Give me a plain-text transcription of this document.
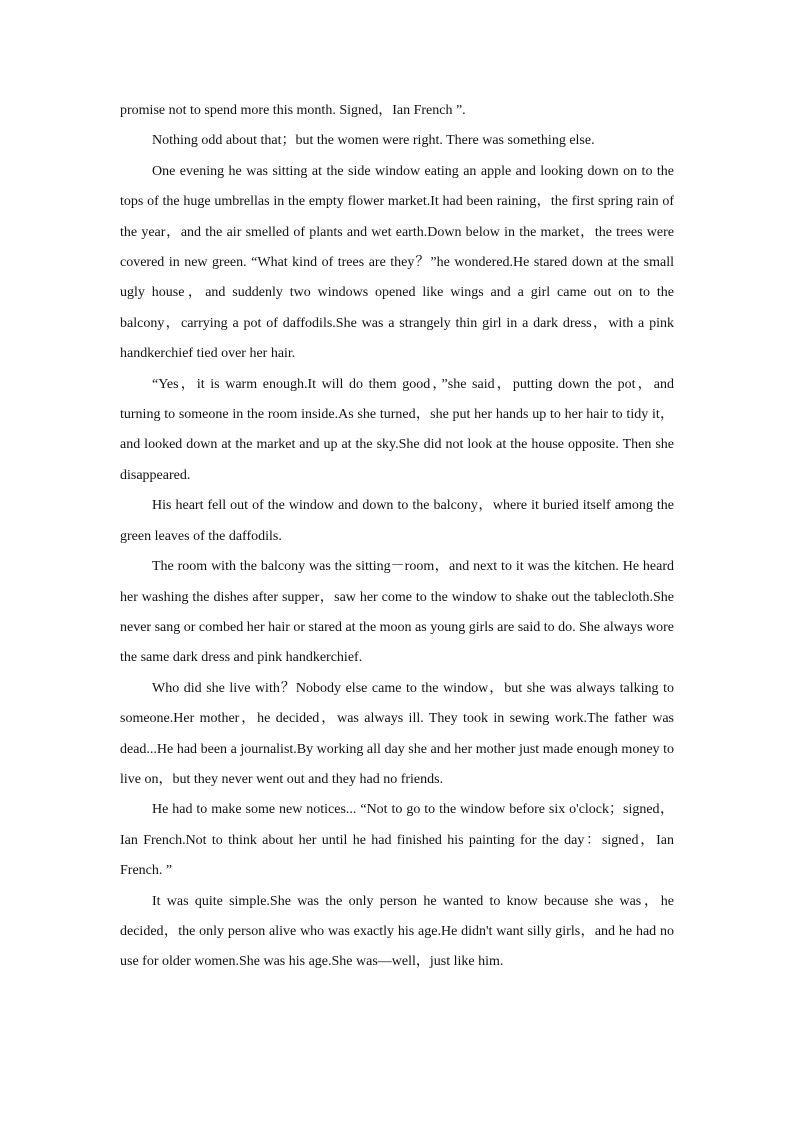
promise not to spend more this month. Signed，Ian French ”.

Nothing odd about that；but the women were right. There was something else.

One evening he was sitting at the side window eating an apple and looking down on to the tops of the huge umbrellas in the empty flower market.It had been raining，the first spring rain of the year，and the air smelled of plants and wet earth.Down below in the market，the trees were covered in new green. “What kind of trees are they？”he wondered.He stared down at the small ugly house，and suddenly two windows opened like wings and a girl came out on to the balcony，carrying a pot of daffodils.She was a strangely thin girl in a dark dress，with a pink handkerchief tied over her hair.

“Yes，it is warm enough.It will do them good，”she said，putting down the pot，and turning to someone in the room inside.As she turned，she put her hands up to her hair to tidy it，and looked down at the market and up at the sky.She did not look at the house opposite. Then she disappeared.

His heart fell out of the window and down to the balcony，where it buried itself among the green leaves of the daffodils.

The room with the balcony was the sitting－room，and next to it was the kitchen. He heard her washing the dishes after supper，saw her come to the window to shake out the tablecloth.She never sang or combed her hair or stared at the moon as young girls are said to do. She always wore the same dark dress and pink handkerchief.

Who did she live with？Nobody else came to the window，but she was always talking to someone.Her mother，he decided，was always ill. They took in sewing work.The father was dead...He had been a journalist.By working all day she and her mother just made enough money to live on，but they never went out and they had no friends.

He had to make some new notices... “Not to go to the window before six o'clock；signed，Ian French.Not to think about her until he had finished his painting for the day：signed，Ian French. ”

It was quite simple.She was the only person he wanted to know because she was，he decided，the only person alive who was exactly his age.He didn't want silly girls，and he had no use for older women.She was his age.She was—well，just like him.
